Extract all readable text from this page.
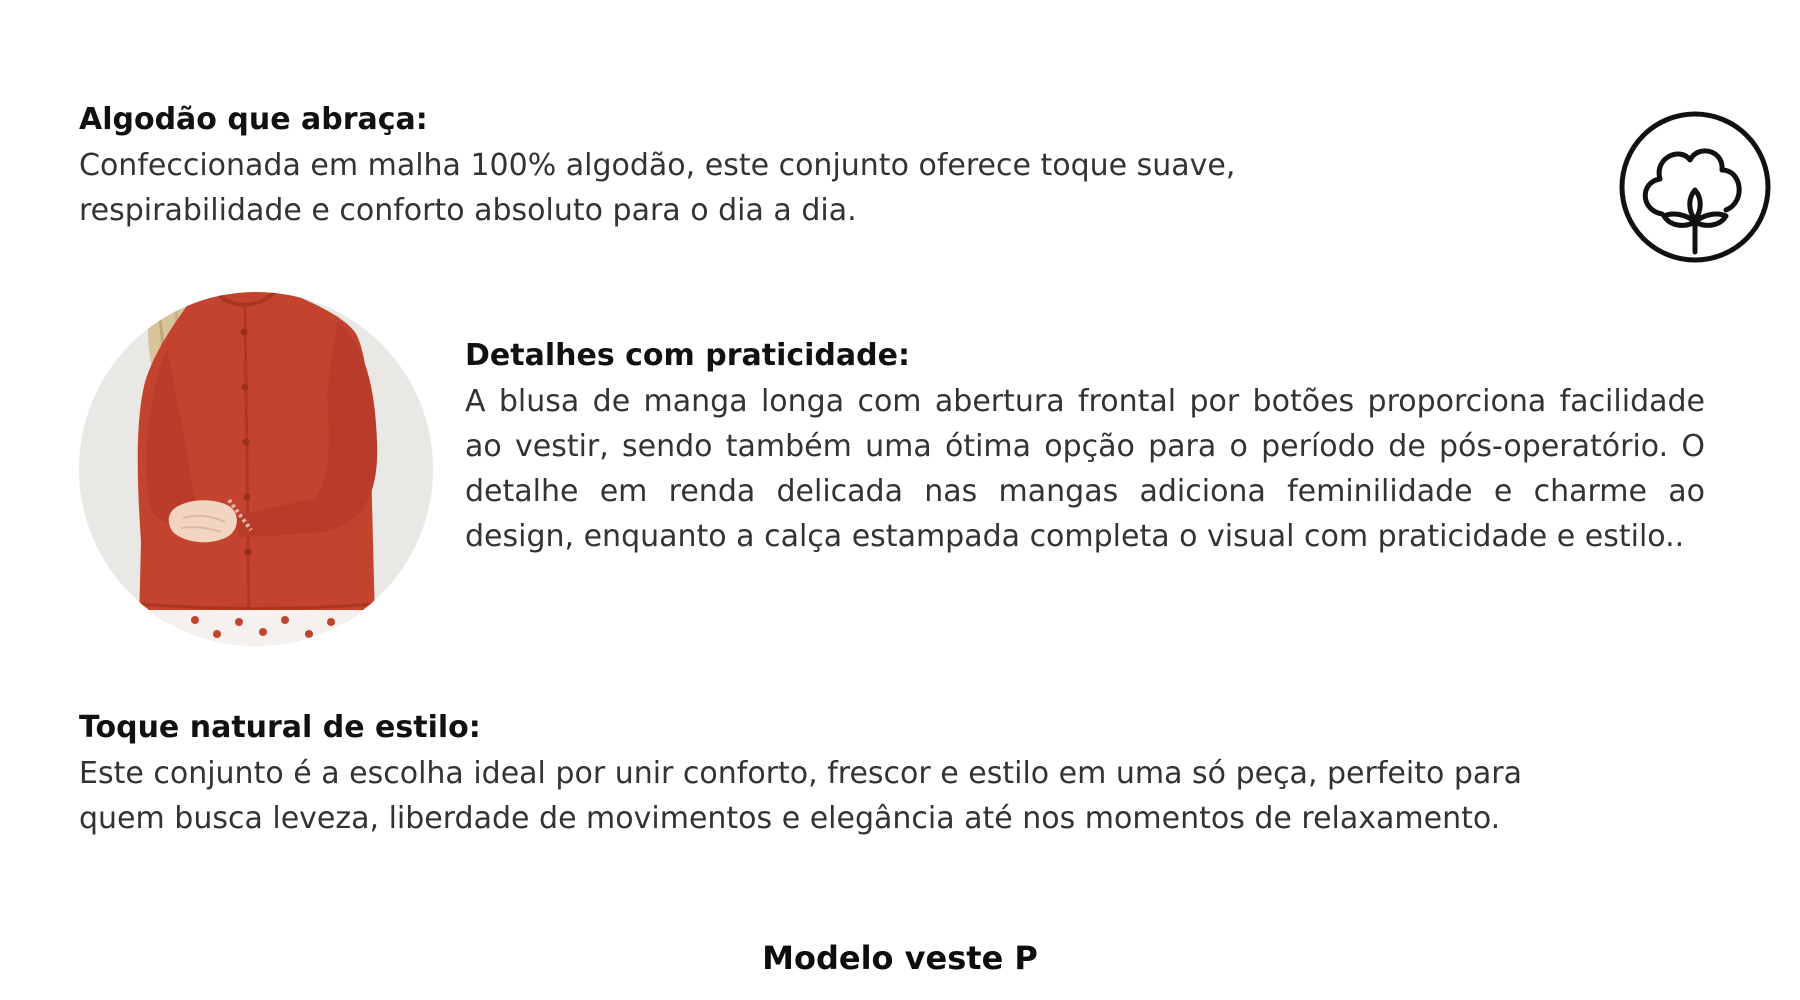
Algodão que abraça:

Confeccionada em malha 100% algodão, este conjunto oferece toque suave,
respirabilidade e conforto absoluto para o dia a dia.

Detalhes com praticidade:

A blusa de manga longa com abertura frontal por botões proporciona facilidade ao vestir, sendo também uma ótima opção para o período de pós-operatório. O detalhe em renda delicada nas mangas adiciona feminilidade e charme ao design, enquanto a calça estampada completa o visual com praticidade e estilo..

Toque natural de estilo:

Este conjunto é a escolha ideal por unir conforto, frescor e estilo em uma só peça, perfeito para
quem busca leveza, liberdade de movimentos e elegância até nos momentos de relaxamento.

Modelo veste P
